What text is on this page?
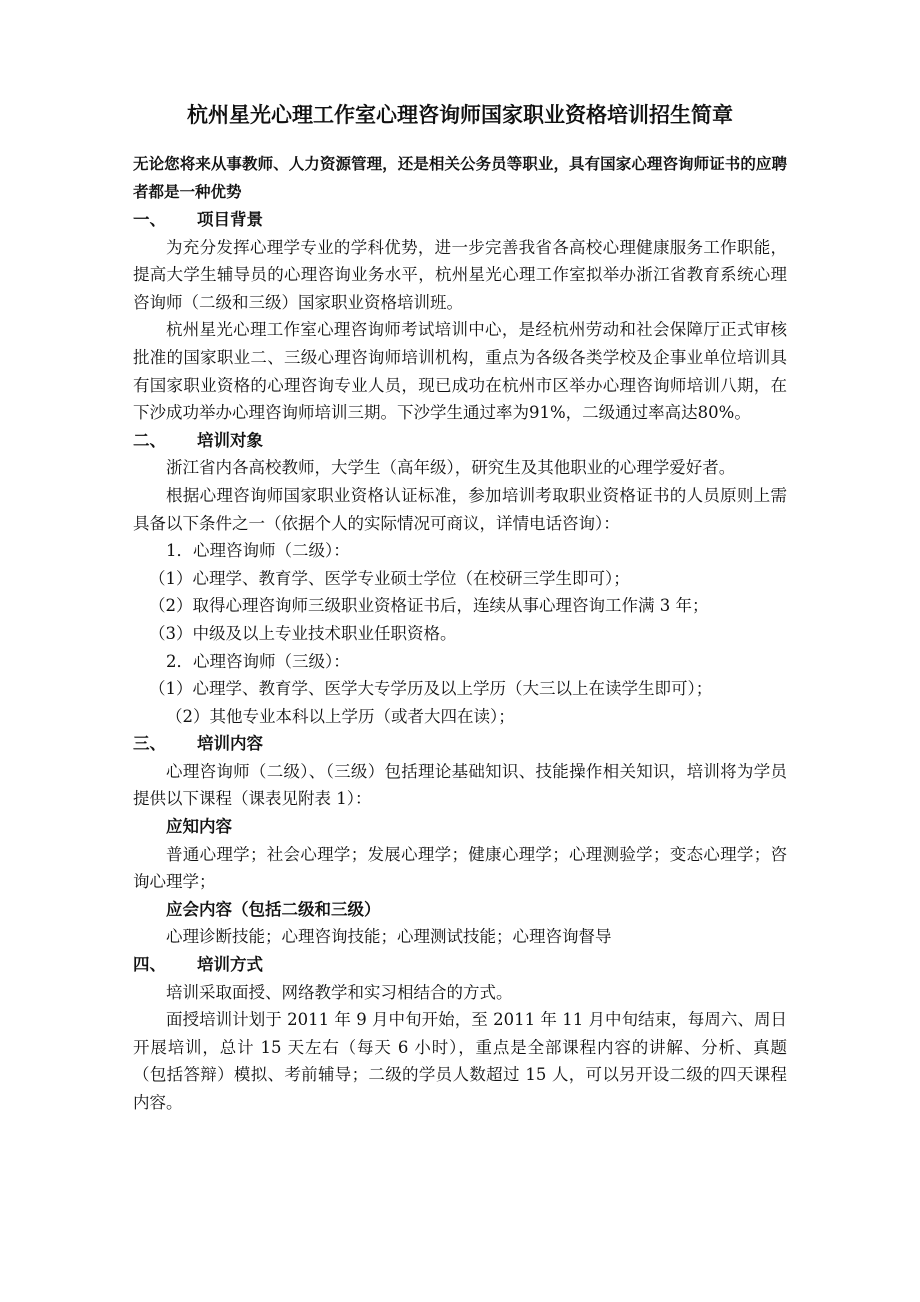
杭州星光心理工作室心理咨询师国家职业资格培训招生简章

无论您将来从事教师、人力资源管理，还是相关公务员等职业，具有国家心理咨询师证书的应聘者都是一种优势

一、 项目背景

为充分发挥心理学专业的学科优势，进一步完善我省各高校心理健康服务工作职能，提高大学生辅导员的心理咨询业务水平，杭州星光心理工作室拟举办浙江省教育系统心理咨询师（二级和三级）国家职业资格培训班。

杭州星光心理工作室心理咨询师考试培训中心，是经杭州劳动和社会保障厅正式审核批准的国家职业二、三级心理咨询师培训机构，重点为各级各类学校及企事业单位培训具有国家职业资格的心理咨询专业人员，现已成功在杭州市区举办心理咨询师培训八期，在下沙成功举办心理咨询师培训三期。下沙学生通过率为91%，二级通过率高达80%。

二、 培训对象

浙江省内各高校教师，大学生（高年级），研究生及其他职业的心理学爱好者。

根据心理咨询师国家职业资格认证标准，参加培训考取职业资格证书的人员原则上需具备以下条件之一（依据个人的实际情况可商议，详情电话咨询）：

1．心理咨询师（二级）：

（1）心理学、教育学、医学专业硕士学位（在校研三学生即可）；

（2）取得心理咨询师三级职业资格证书后，连续从事心理咨询工作满 3 年；

（3）中级及以上专业技术职业任职资格。

2．心理咨询师（三级）：

（1）心理学、教育学、医学大专学历及以上学历（大三以上在读学生即可）；

（2）其他专业本科以上学历（或者大四在读）；

三、 培训内容

心理咨询师（二级）、（三级）包括理论基础知识、技能操作相关知识，培训将为学员提供以下课程（课表见附表 1）：

应知内容

普通心理学；社会心理学；发展心理学；健康心理学；心理测验学；变态心理学；咨询心理学；

应会内容（包括二级和三级）

心理诊断技能；心理咨询技能；心理测试技能；心理咨询督导

四、 培训方式

培训采取面授、网络教学和实习相结合的方式。

面授培训计划于 2011 年 9 月中旬开始，至 2011 年 11 月中旬结束，每周六、周日开展培训，总计 15 天左右（每天 6 小时），重点是全部课程内容的讲解、分析、真题（包括答辩）模拟、考前辅导；二级的学员人数超过 15 人，可以另开设二级的四天课程内容。
